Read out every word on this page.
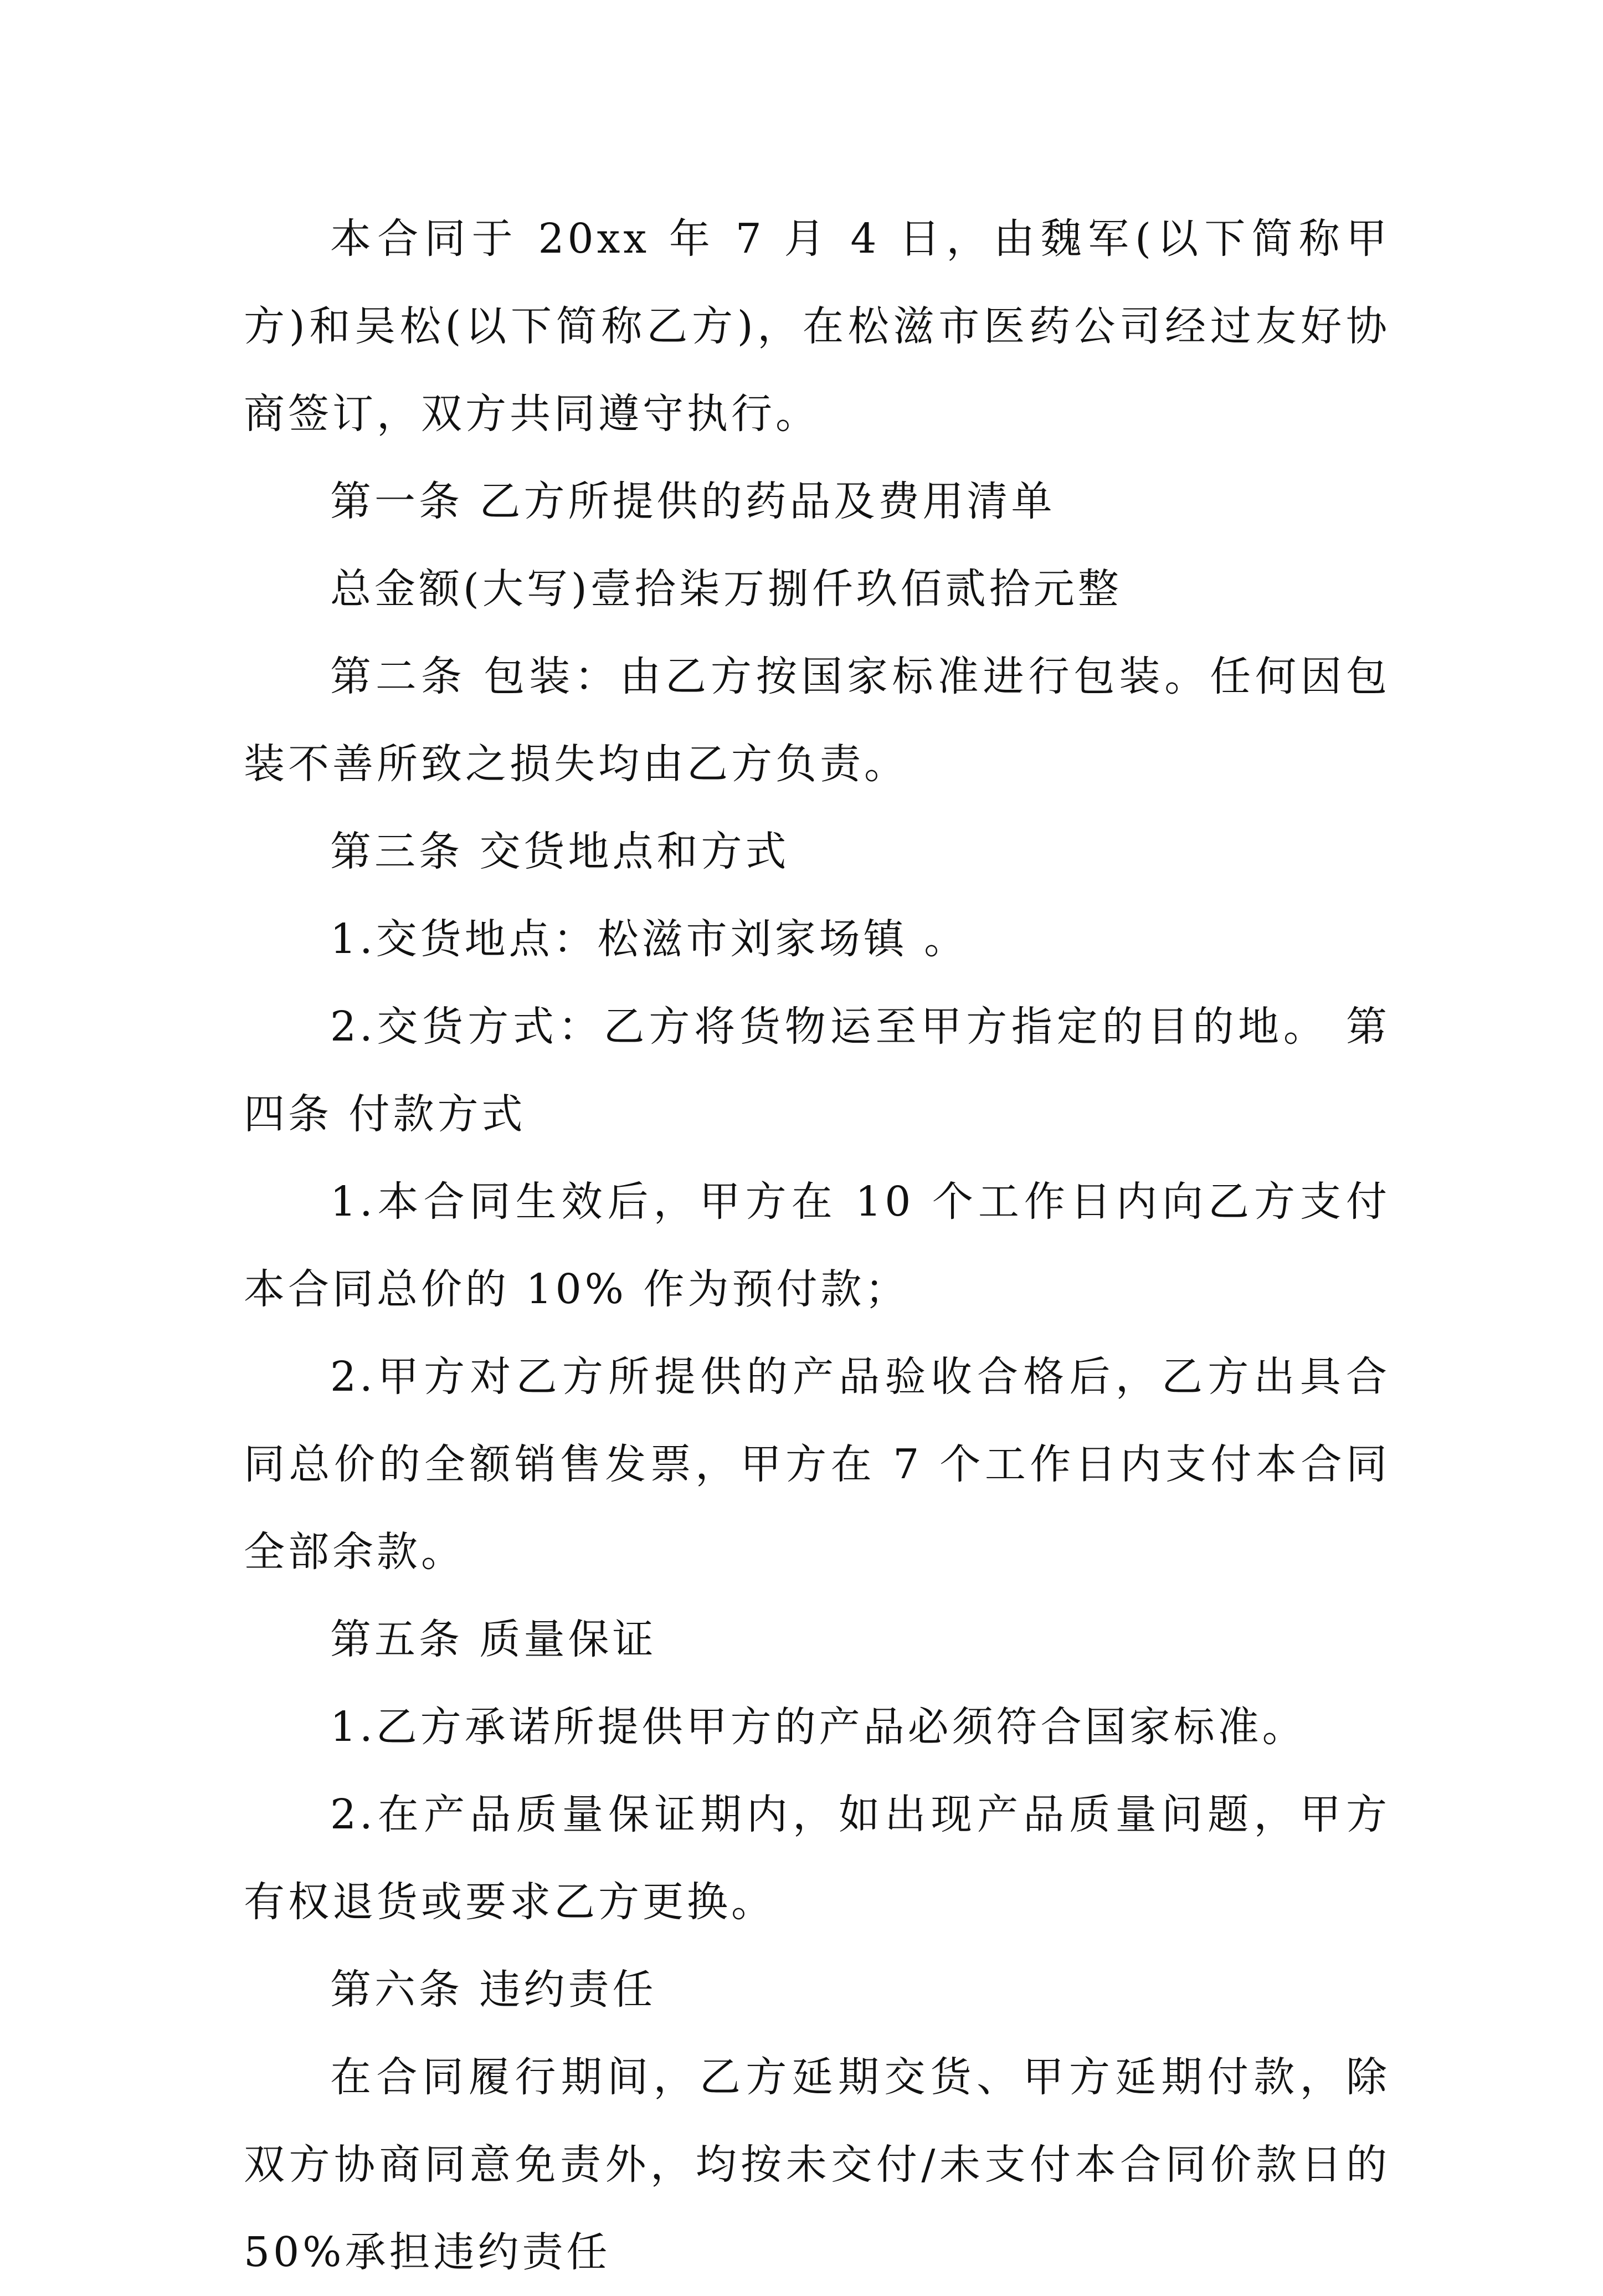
本合同于 20xx 年 7 月 4 日，由魏军(以下简称甲方)和吴松(以下简称乙方)，在松滋市医药公司经过友好协商签订，双方共同遵守执行。

第一条 乙方所提供的药品及费用清单

总金额(大写)壹拾柒万捌仟玖佰贰拾元整

第二条 包装：由乙方按国家标准进行包装。任何因包装不善所致之损失均由乙方负责。

第三条 交货地点和方式

1.交货地点：松滋市刘家场镇 。

2.交货方式：乙方将货物运至甲方指定的目的地。 第四条 付款方式

1.本合同生效后，甲方在 10 个工作日内向乙方支付本合同总价的 10% 作为预付款；

2.甲方对乙方所提供的产品验收合格后，乙方出具合同总价的全额销售发票，甲方在 7 个工作日内支付本合同全部余款。

第五条 质量保证

1.乙方承诺所提供甲方的产品必须符合国家标准。

2.在产品质量保证期内，如出现产品质量问题，甲方有权退货或要求乙方更换。

第六条 违约责任

在合同履行期间，乙方延期交货、甲方延期付款，除双方协商同意免责外，均按未交付/未支付本合同价款日的 50%承担违约责任
